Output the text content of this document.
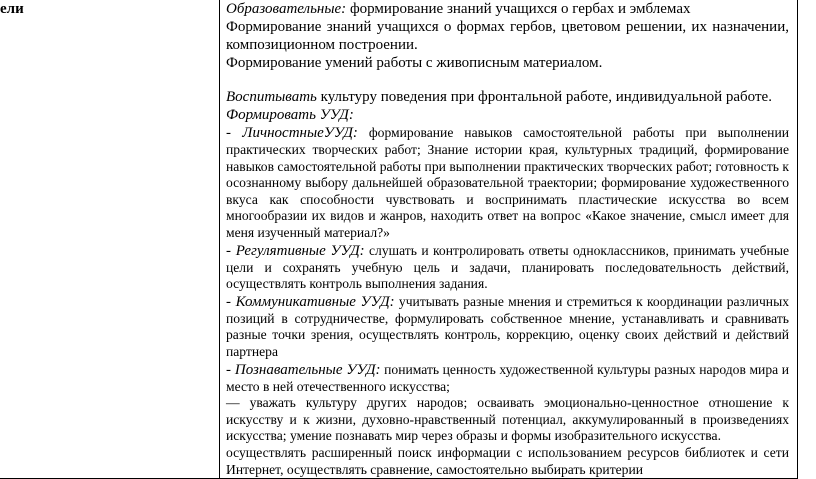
ели	Образовательные: формирование знаний учащихся о гербах и эмблемах

Формирование знаний учащихся о формах гербов, цветовом решении, их назначении, композиционном построении.

Формирование умений работы с живописным материалом.

Воспитывать культуру поведения при фронтальной работе, индивидуальной работе.

Формировать УУД:

- ЛичностныеУУД: формирование навыков самостоятельной работы при выполнении практических творческих работ; Знание истории края, культурных традиций, формирование навыков самостоятельной работы при выполнении практических творческих работ; готовность к осознанному выбору дальнейшей образовательной траектории; формирование художественного вкуса как способности чувствовать и воспринимать пластические искусства во всем многообразии их видов и жанров, находить ответ на вопрос «Какое значение, смысл имеет для меня изученный материал?»

- Регулятивные УУД: слушать и контролировать ответы одноклассников, принимать учебные цели и сохранять учебную цель и задачи, планировать последовательность действий, осуществлять контроль выполнения задания.

- Коммуникативные УУД: учитывать разные мнения и стремиться к координации различных позиций в сотрудничестве, формулировать собственное мнение, устанавливать и сравнивать разные точки зрения, осуществлять контроль, коррекцию, оценку своих действий и действий партнера

- Познавательные УУД: понимать ценность художественной культуры разных народов мира и место в ней отечественного искусства;

— уважать культуру других народов; осваивать эмоционально-ценностное отношение к искусству и к жизни, духовно-нравственный потенциал, аккумулированный в произведениях искусства; умение познавать мир через образы и формы изобразительного искусства.

осуществлять расширенный поиск информации с использованием ресурсов библиотек и сети Интернет, осуществлять сравнение, самостоятельно выбирать критерии
